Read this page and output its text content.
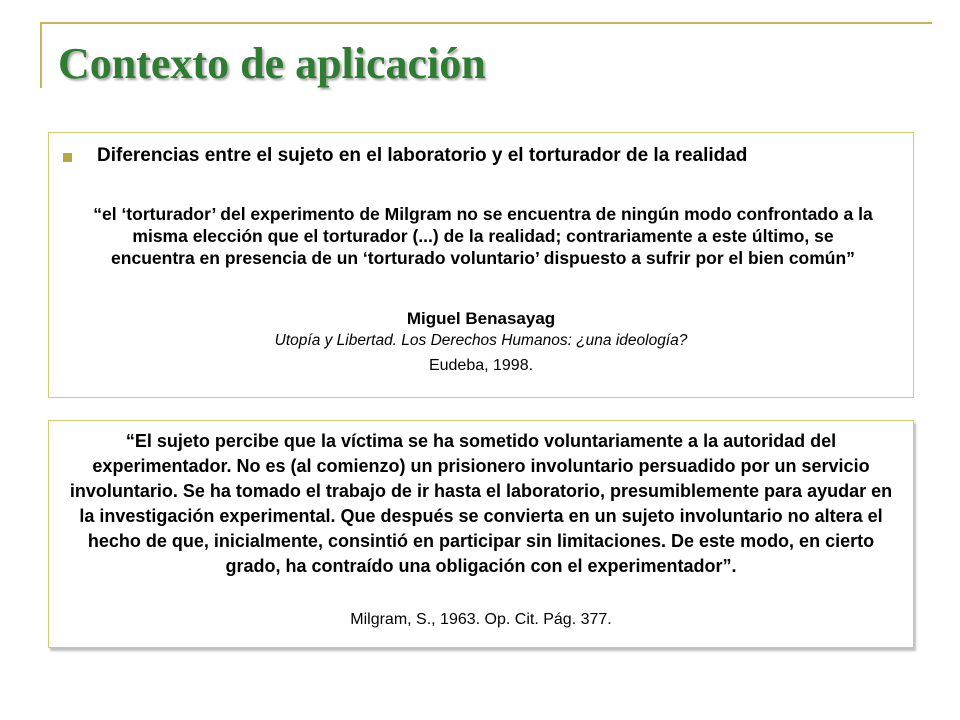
Contexto de aplicación
Diferencias entre el sujeto en el laboratorio y el torturador de la realidad
“el ‘torturador’ del experimento de Milgram no se encuentra de ningún modo confrontado a la misma elección que el torturador (...) de la realidad; contrariamente a este último, se encuentra en presencia de un ‘torturado voluntario’ dispuesto a sufrir por el bien común”
Miguel Benasayag
Utopía y Libertad. Los Derechos Humanos: ¿una ideología?
Eudeba, 1998.
“El sujeto percibe que la víctima se ha sometido voluntariamente a la autoridad del experimentador. No es (al comienzo) un prisionero involuntario persuadido por un servicio involuntario. Se ha tomado el trabajo de ir hasta el laboratorio, presumiblemente para ayudar en la investigación experimental. Que después se convierta en un sujeto involuntario no altera el hecho de que, inicialmente, consintió en participar sin limitaciones. De este modo, en cierto grado, ha contraído una obligación con el experimentador”.
Milgram, S., 1963. Op. Cit. Pág. 377.
